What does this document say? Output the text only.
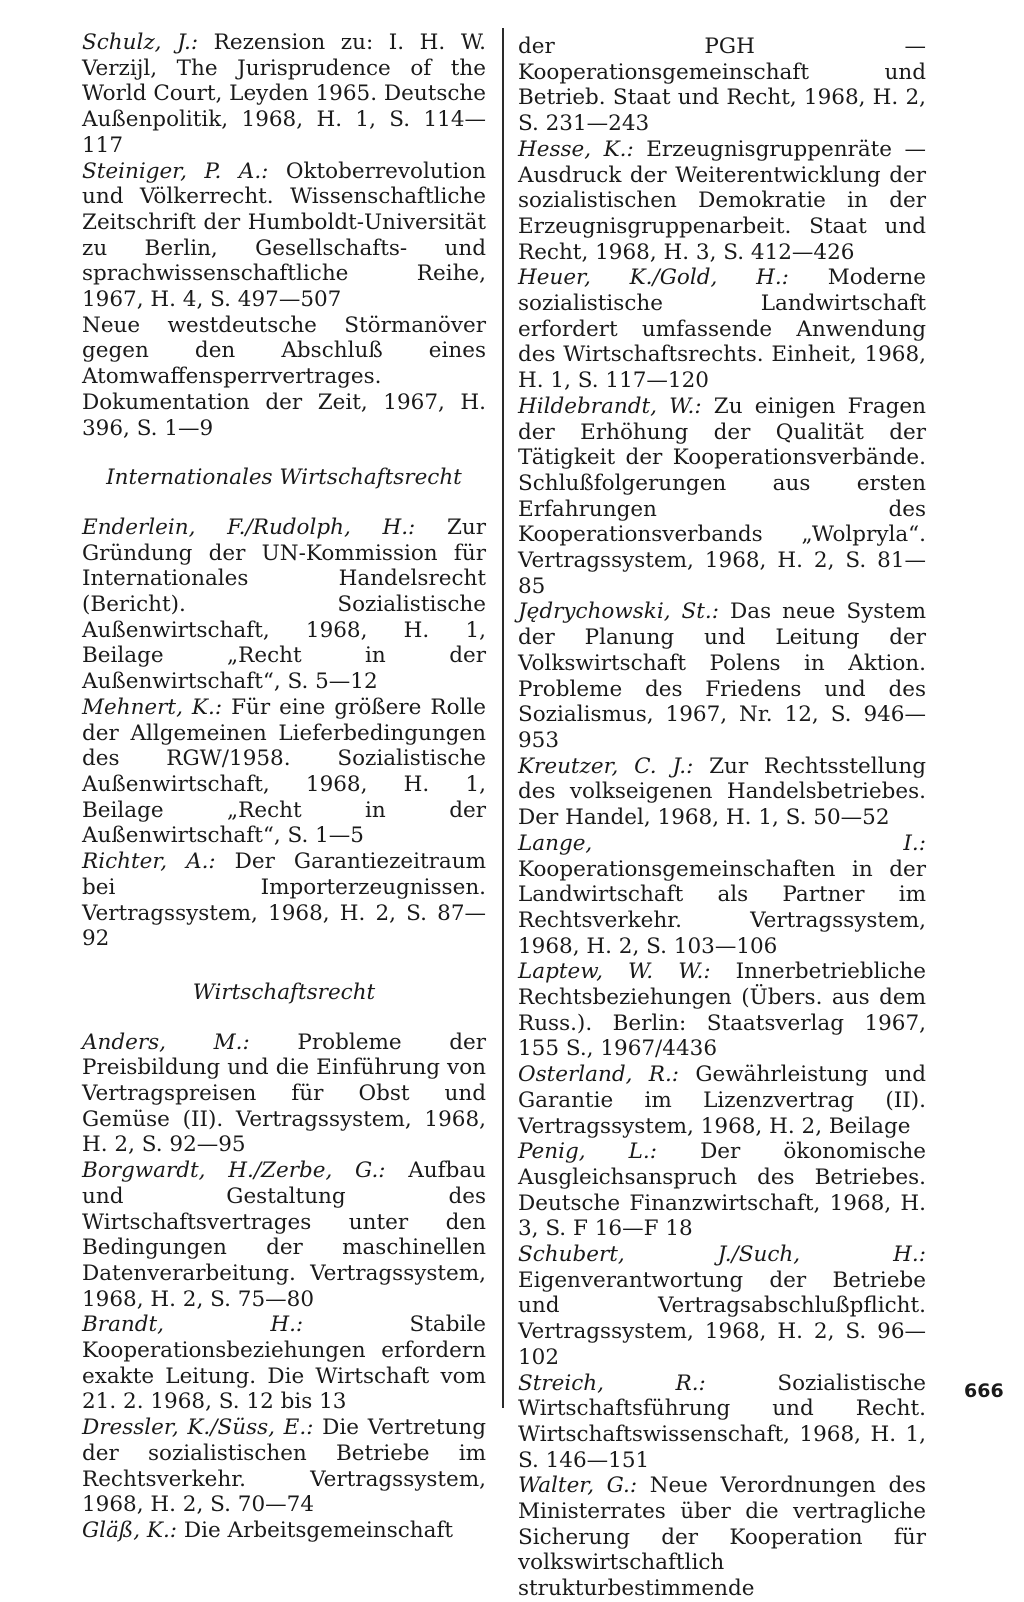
Schulz, J.: Rezension zu: I. H. W. Verzijl, The Jurisprudence of the World Court, Leyden 1965. Deutsche Außenpolitik, 1968, H. 1, S. 114—117

Steiniger, P. A.: Oktoberrevolution und Völkerrecht. Wissenschaftliche Zeitschrift der Humboldt-Universität zu Berlin, Gesellschafts- und sprachwissenschaftliche Reihe, 1967, H. 4, S. 497—507

Neue westdeutsche Störmanöver gegen den Abschluß eines Atomwaffensperrvertrages. Dokumentation der Zeit, 1967, H. 396, S. 1—9

Internationales Wirtschaftsrecht

Enderlein, F./Rudolph, H.: Zur Gründung der UN-Kommission für Internationales Handelsrecht (Bericht). Sozialistische Außenwirtschaft, 1968, H. 1, Beilage „Recht in der Außenwirtschaft“, S. 5—12

Mehnert, K.: Für eine größere Rolle der Allgemeinen Lieferbedingungen des RGW/1958. Sozialistische Außenwirtschaft, 1968, H. 1, Beilage „Recht in der Außenwirtschaft“, S. 1—5

Richter, A.: Der Garantiezeitraum bei Importerzeugnissen. Vertragssystem, 1968, H. 2, S. 87—92

Wirtschaftsrecht

Anders, M.: Probleme der Preisbildung und die Einführung von Vertragspreisen für Obst und Gemüse (II). Vertragssystem, 1968, H. 2, S. 92—95

Borgwardt, H./Zerbe, G.: Aufbau und Gestaltung des Wirtschaftsvertrages unter den Bedingungen der maschinellen Datenverarbeitung. Vertragssystem, 1968, H. 2, S. 75—80

Brandt, H.: Stabile Kooperationsbeziehungen erfordern exakte Leitung. Die Wirtschaft vom 21. 2. 1968, S. 12 bis 13

Dressler, K./Süss, E.: Die Vertretung der sozialistischen Betriebe im Rechtsverkehr. Vertragssystem, 1968, H. 2, S. 70—74

Gläß, K.: Die Arbeitsgemeinschaft

der PGH — Kooperationsgemeinschaft und Betrieb. Staat und Recht, 1968, H. 2, S. 231—243

Hesse, K.: Erzeugnisgruppenräte — Ausdruck der Weiterentwicklung der sozialistischen Demokratie in der Erzeugnisgruppenarbeit. Staat und Recht, 1968, H. 3, S. 412—426

Heuer, K./Gold, H.: Moderne sozialistische Landwirtschaft erfordert umfassende Anwendung des Wirtschaftsrechts. Einheit, 1968, H. 1, S. 117—120

Hildebrandt, W.: Zu einigen Fragen der Erhöhung der Qualität der Tätigkeit der Kooperationsverbände. Schlußfolgerungen aus ersten Erfahrungen des Kooperationsverbands „Wolpryla“. Vertragssystem, 1968, H. 2, S. 81—85

Jędrychowski, St.: Das neue System der Planung und Leitung der Volkswirtschaft Polens in Aktion. Probleme des Friedens und des Sozialismus, 1967, Nr. 12, S. 946—953

Kreutzer, C. J.: Zur Rechtsstellung des volkseigenen Handelsbetriebes. Der Handel, 1968, H. 1, S. 50—52

Lange, I.: Kooperationsgemeinschaften in der Landwirtschaft als Partner im Rechtsverkehr. Vertragssystem, 1968, H. 2, S. 103—106

Laptew, W. W.: Innerbetriebliche Rechtsbeziehungen (Übers. aus dem Russ.). Berlin: Staatsverlag 1967, 155 S., 1967/4436

Osterland, R.: Gewährleistung und Garantie im Lizenzvertrag (II). Vertragssystem, 1968, H. 2, Beilage

Penig, L.: Der ökonomische Ausgleichsanspruch des Betriebes. Deutsche Finanzwirtschaft, 1968, H. 3, S. F 16—F 18

Schubert, J./Such, H.: Eigenverantwortung der Betriebe und Vertragsabschlußpflicht. Vertragssystem, 1968, H. 2, S. 96—102

Streich, R.: Sozialistische Wirtschaftsführung und Recht. Wirtschaftswissenschaft, 1968, H. 1, S. 146—151

Walter, G.: Neue Verordnungen des Ministerrates über die vertragliche Sicherung der Kooperation für volkswirtschaftlich strukturbestimmende

666
